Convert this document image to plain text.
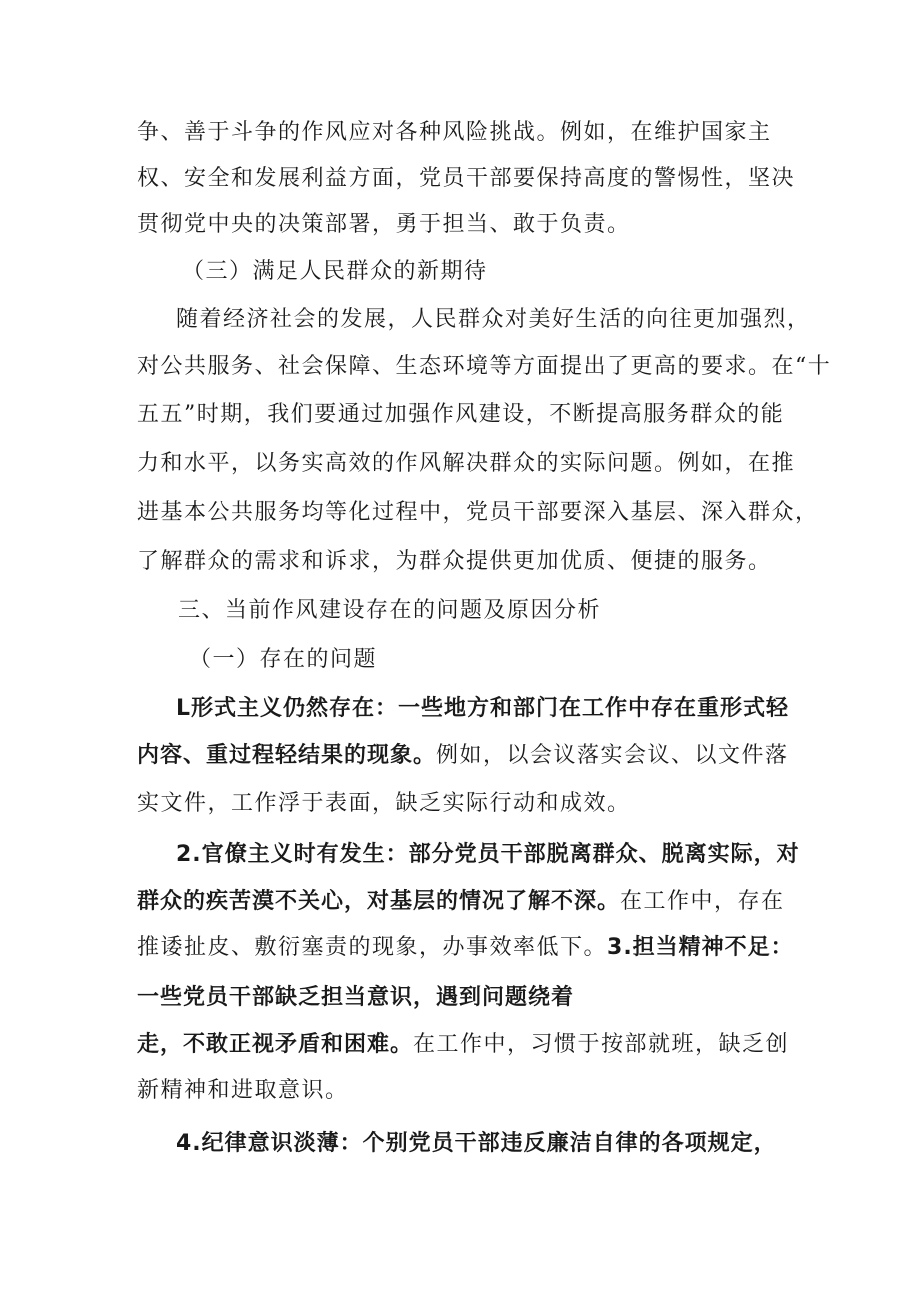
争、善于斗争的作风应对各种风险挑战。例如，在维护国家主
权、安全和发展利益方面，党员干部要保持高度的警惕性，坚决
贯彻党中央的决策部署，勇于担当、敢于负责。
（三）满足人民群众的新期待
随着经济社会的发展，人民群众对美好生活的向往更加强烈，
对公共服务、社会保障、生态环境等方面提出了更高的要求。在“十
五五”时期，我们要通过加强作风建设，不断提高服务群众的能
力和水平，以务实高效的作风解决群众的实际问题。例如，在推
进基本公共服务均等化过程中，党员干部要深入基层、深入群众，
了解群众的需求和诉求，为群众提供更加优质、便捷的服务。
三、当前作风建设存在的问题及原因分析
（一）存在的问题
L形式主义仍然存在：一些地方和部门在工作中存在重形式轻
内容、重过程轻结果的现象。例如，以会议落实会议、以文件落
实文件，工作浮于表面，缺乏实际行动和成效。
2.官僚主义时有发生：部分党员干部脱离群众、脱离实际，对
群众的疾苦漠不关心，对基层的情况了解不深。在工作中，存在
推诿扯皮、敷衍塞责的现象，办事效率低下。3.担当精神不足：
一些党员干部缺乏担当意识，遇到问题绕着
走，不敢正视矛盾和困难。在工作中，习惯于按部就班，缺乏创
新精神和进取意识。
4.纪律意识淡薄：个别党员干部违反廉洁自律的各项规定，
